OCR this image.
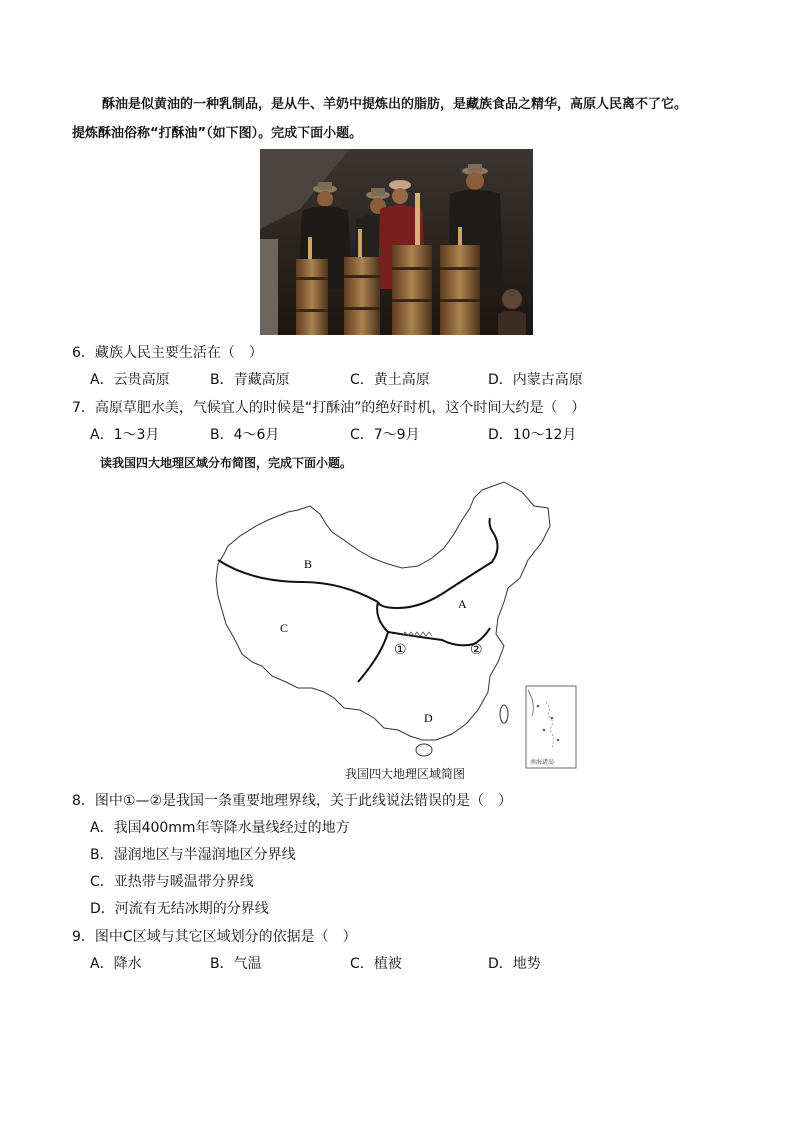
酥油是似黄油的一种乳制品，是从牛、羊奶中提炼出的脂肪，是藏族食品之精华，高原人民离不了它。

提炼酥油俗称“打酥油”（如下图）。完成下面小题。

6．藏族人民主要生活在（　）
A．云贵高原	B．青藏高原	C．黄土高原	D．内蒙古高原
7．高原草肥水美，气候宜人的时候是“打酥油”的绝好时机，这个时间大约是（　）
A．1～3月	B．4～6月	C．7～9月	D．10～12月
读我国四大地理区域分布简图，完成下面小题。
B
A
C
D
①	②
南海诸岛
我国四大地理区域简图
8．图中①—②是我国一条重要地理界线，关于此线说法错误的是（　）
A．我国400mm年等降水量线经过的地方
B．湿润地区与半湿润地区分界线
C．亚热带与暖温带分界线
D．河流有无结冰期的分界线
9．图中C区域与其它区域划分的依据是（　）
A．降水	B．气温	C．植被	D．地势
